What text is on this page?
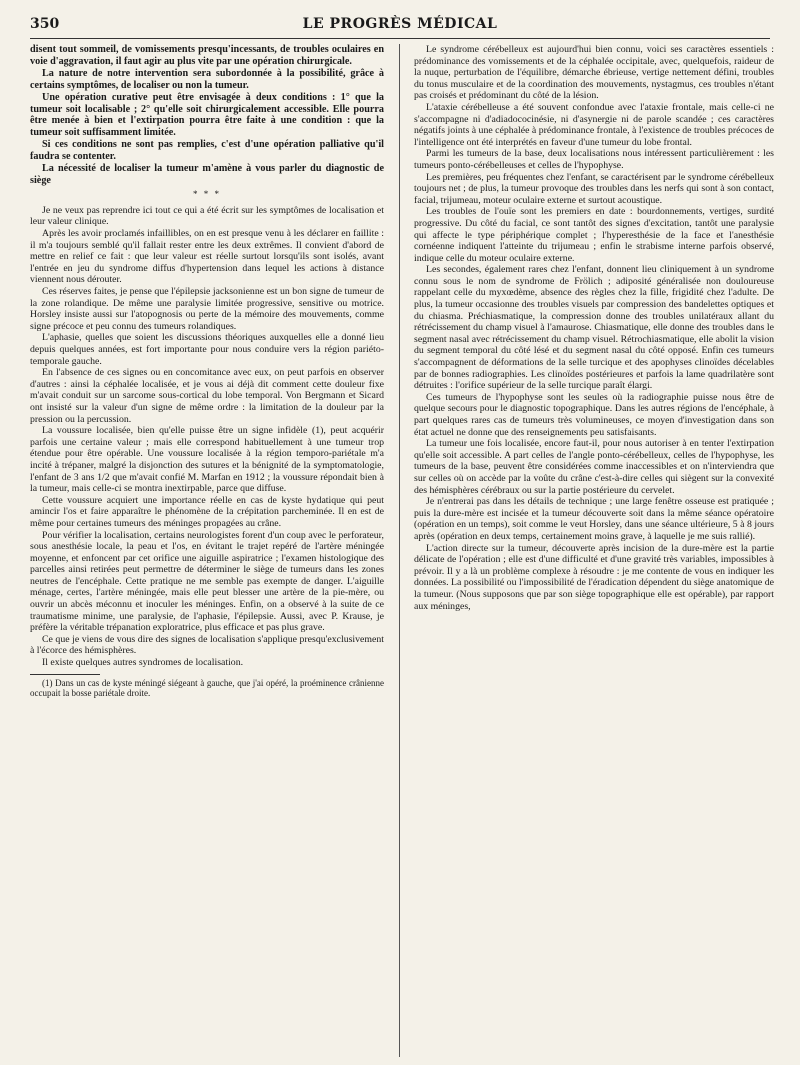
350	LE PROGRÈS MÉDICAL

disent tout sommeil, de vomissements presqu'incessants, de troubles oculaires en voie d'aggravation, il faut agir au plus vite par une opération chirurgicale.

La nature de notre intervention sera subordonnée à la possibilité, grâce à certains symptômes, de localiser ou non la tumeur.

Une opération curative peut être envisagée à deux conditions : 1° que la tumeur soit localisable ; 2° qu'elle soit chirurgicalement accessible. Elle pourra être menée à bien et l'extirpation pourra être faite à une condition : que la tumeur soit suffisamment limitée.

Si ces conditions ne sont pas remplies, c'est d'une opération palliative qu'il faudra se contenter.

La nécessité de localiser la tumeur m'amène à vous parler du diagnostic de siège

* * *

Je ne veux pas reprendre ici tout ce qui a été écrit sur les symptômes de localisation et leur valeur clinique.

Après les avoir proclamés infaillibles, on en est presque venu à les déclarer en faillite : il m'a toujours semblé qu'il fallait rester entre les deux extrêmes. Il convient d'abord de mettre en relief ce fait : que leur valeur est réelle surtout lorsqu'ils sont isolés, avant l'entrée en jeu du syndrome diffus d'hypertension dans lequel les actions à distance viennent nous dérouter.

Ces réserves faites, je pense que l'épilepsie jacksonienne est un bon signe de tumeur de la zone rolandique. De même une paralysie limitée progressive, sensitive ou motrice. Horsley insiste aussi sur l'atopognosis ou perte de la mémoire des mouvements, comme signe précoce et peu connu des tumeurs rolandiques.

L'aphasie, quelles que soient les discussions théoriques auxquelles elle a donné lieu depuis quelques années, est fort importante pour nous conduire vers la région pariéto-temporale gauche.

En l'absence de ces signes ou en concomitance avec eux, on peut parfois en observer d'autres : ainsi la céphalée localisée, et je vous ai déjà dit comment cette douleur fixe m'avait conduit sur un sarcome sous-cortical du lobe temporal. Von Bergmann et Sicard ont insisté sur la valeur d'un signe de même ordre : la limitation de la douleur par la pression ou la percussion.

La voussure localisée, bien qu'elle puisse être un signe infidèle (1), peut acquérir parfois une certaine valeur ; mais elle correspond habituellement à une tumeur trop étendue pour être opérable. Une voussure localisée à la région temporo-pariétale m'a incité à trépaner, malgré la disjonction des sutures et la bénignité de la symptomatologie, l'enfant de 3 ans 1/2 que m'avait confié M. Marfan en 1912 ; la voussure répondait bien à la tumeur, mais celle-ci se montra inextirpable, parce que diffuse.

Cette voussure acquiert une importance réelle en cas de kyste hydatique qui peut amincir l'os et faire apparaître le phénomène de la crépitation parcheminée. Il en est de même pour certaines tumeurs des méninges propagées au crâne.

Pour vérifier la localisation, certains neurologistes forent d'un coup avec le perforateur, sous anesthésie locale, la peau et l'os, en évitant le trajet repéré de l'artère méningée moyenne, et enfoncent par cet orifice une aiguille aspiratrice ; l'examen histologique des parcelles ainsi retirées peut permettre de déterminer le siège de tumeurs dans les zones neutres de l'encéphale. Cette pratique ne me semble pas exempte de danger. L'aiguille ménage, certes, l'artère méningée, mais elle peut blesser une artère de la pie-mère, ou ouvrir un abcès méconnu et inoculer les méninges. Enfin, on a observé à la suite de ce traumatisme minime, une paralysie, de l'aphasie, l'épilepsie. Aussi, avec P. Krause, je préfère la véritable trépanation exploratrice, plus efficace et pas plus grave.

Ce que je viens de vous dire des signes de localisation s'applique presqu'exclusivement à l'écorce des hémisphères.

Il existe quelques autres syndromes de localisation.

(1) Dans un cas de kyste méningé siégeant à gauche, que j'ai opéré, la proéminence crânienne occupait la bosse pariétale droite.

Le syndrome cérébelleux est aujourd'hui bien connu, voici ses caractères essentiels : prédominance des vomissements et de la céphalée occipitale, avec, quelquefois, raideur de la nuque, perturbation de l'équilibre, démarche ébrieuse, vertige nettement défini, troubles du tonus musculaire et de la coordination des mouvements, nystagmus, ces troubles n'étant pas croisés et prédominant du côté de la lésion.

L'ataxie cérébelleuse a été souvent confondue avec l'ataxie frontale, mais celle-ci ne s'accompagne ni d'adiadococinésie, ni d'asynergie ni de parole scandée ; ces caractères négatifs joints à une céphalée à prédominance frontale, à l'existence de troubles précoces de l'intelligence ont été interprétés en faveur d'une tumeur du lobe frontal.

Parmi les tumeurs de la base, deux localisations nous intéressent particulièrement : les tumeurs ponto-cérébelleuses et celles de l'hypophyse.

Les premières, peu fréquentes chez l'enfant, se caractérisent par le syndrome cérébelleux toujours net ; de plus, la tumeur provoque des troubles dans les nerfs qui sont à son contact, facial, trijumeau, moteur oculaire externe et surtout acoustique.

Les troubles de l'ouïe sont les premiers en date : bourdonnements, vertiges, surdité progressive. Du côté du facial, ce sont tantôt des signes d'excitation, tantôt une paralysie qui affecte le type périphérique complet ; l'hyperesthésie de la face et l'anesthésie cornéenne indiquent l'atteinte du trijumeau ; enfin le strabisme interne parfois observé, indique celle du moteur oculaire externe.

Les secondes, également rares chez l'enfant, donnent lieu cliniquement à un syndrome connu sous le nom de syndrome de Frölich ; adiposité généralisée non douloureuse rappelant celle du myxœdème, absence des règles chez la fille, frigidité chez l'adulte. De plus, la tumeur occasionne des troubles visuels par compression des bandelettes optiques et du chiasma. Préchiasmatique, la compression donne des troubles unilatéraux allant du rétrécissement du champ visuel à l'amaurose. Chiasmatique, elle donne des troubles dans le segment nasal avec rétrécissement du champ visuel. Rétrochiasmatique, elle abolit la vision du segment temporal du côté lésé et du segment nasal du côté opposé. Enfin ces tumeurs s'accompagnent de déformations de la selle turcique et des apophyses clinoïdes décelables par de bonnes radiographies. Les clinoïdes postérieures et parfois la lame quadrilatère sont détruites : l'orifice supérieur de la selle turcique paraît élargi.

Ces tumeurs de l'hypophyse sont les seules où la radiographie puisse nous être de quelque secours pour le diagnostic topographique. Dans les autres régions de l'encéphale, à part quelques rares cas de tumeurs très volumineuses, ce moyen d'investigation dans son état actuel ne donne que des renseignements peu satisfaisants.

La tumeur une fois localisée, encore faut-il, pour nous autoriser à en tenter l'extirpation qu'elle soit accessible. A part celles de l'angle ponto-cérébelleux, celles de l'hypophyse, les tumeurs de la base, peuvent être considérées comme inaccessibles et on n'interviendra que sur celles où on accède par la voûte du crâne c'est-à-dire celles qui siègent sur la convexité des hémisphères cérébraux ou sur la partie postérieure du cervelet.

Je n'entrerai pas dans les détails de technique ; une large fenêtre osseuse est pratiquée ; puis la dure-mère est incisée et la tumeur découverte soit dans la même séance opératoire (opération en un temps), soit comme le veut Horsley, dans une séance ultérieure, 5 à 8 jours après (opération en deux temps, certainement moins grave, à laquelle je me suis rallié).

L'action directe sur la tumeur, découverte après incision de la dure-mère est la partie délicate de l'opération ; elle est d'une difficulté et d'une gravité très variables, impossibles à prévoir. Il y a là un problème complexe à résoudre : je me contente de vous en indiquer les données. La possibilité ou l'impossibilité de l'éradication dépendent du siège anatomique de la tumeur. (Nous supposons que par son siège topographique elle est opérable), par rapport aux méninges,
